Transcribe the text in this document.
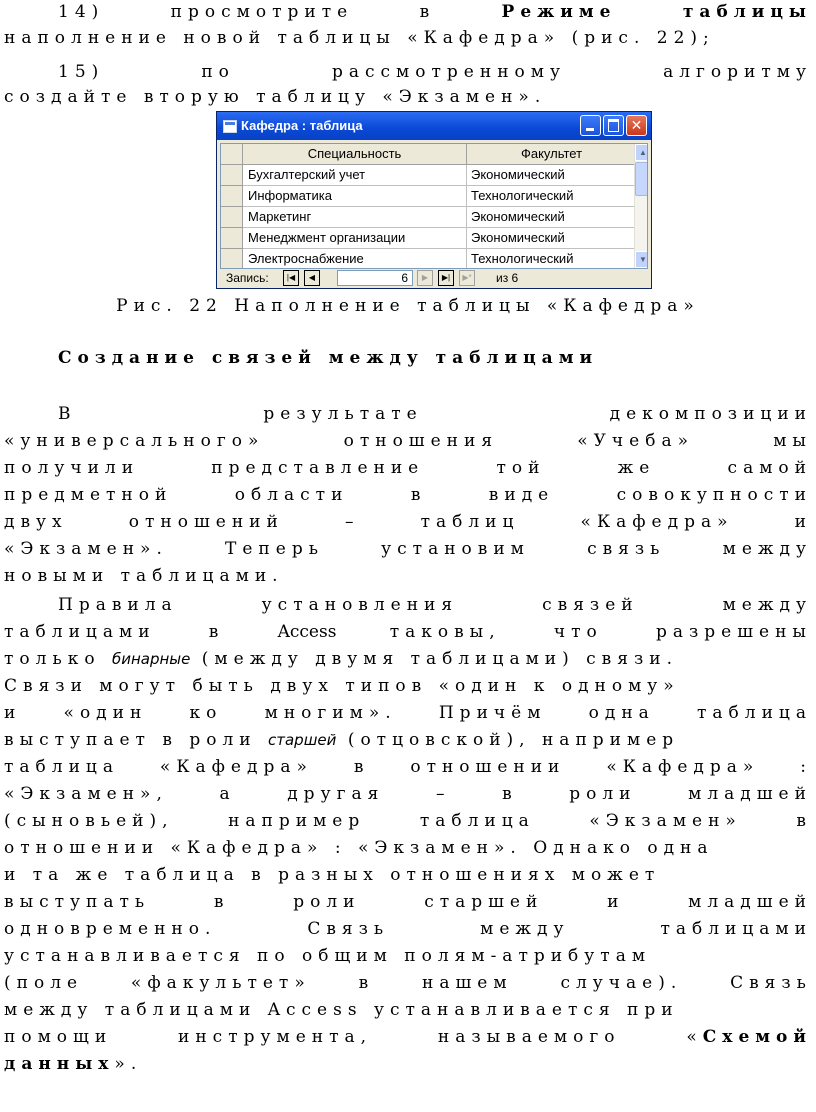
14)	просмотрите	в	Режиме	таблицы
наполнение новой таблицы «Кафедра» (рис. 22);
15)	по	рассмотренному	алгоритму
создайте вторую таблицу «Экзамен».
Кафедра : таблица	✕
Специальность	Факультет
Бухгалтерский учет	Экономический
Информатика	Технологический
Маркетинг	Экономический
Менеджмент организации	Экономический
Электроснабжение	Технологический
▲
▼
Запись:	|◀	◀	6	▶	▶|	▶* из 6
Рис. 22 Наполнение таблицы «Кафедра»
Создание связей между таблицами
В	результате	декомпозиции
«универсального»	отношения	«Учеба»	мы
получили	представление	той	же	самой
предметной	области	в	виде	совокупности
двух	отношений	–	таблиц	«Кафедра»	и
«Экзамен».	Теперь	установим	связь	между
новыми таблицами.
Правила	установления	связей	между
таблицами	в	Access	таковы,	что	разрешены
только бинарные (между двумя таблицами) связи.
Связи могут быть двух типов «один к одному»
и «один ко многим». Причём одна таблица
выступает в роли старшей (отцовской), например
таблица «Кафедра» в отношении «Кафедра» :
«Экзамен»,	а	другая	–	в	роли	младшей
(сыновьей),	например	таблица	«Экзамен»	в
отношении «Кафедра» : «Экзамен». Однако одна
и та же таблица в разных отношениях может
выступать	в	роли	старшей	и	младшей
одновременно.	Связь	между	таблицами
устанавливается по общим полям-атрибутам
(поле	«факультет»	в	нашем	случае).	Связь
между таблицами Access устанавливается при
помощи	инструмента,	называемого	«Схемой
данных».
